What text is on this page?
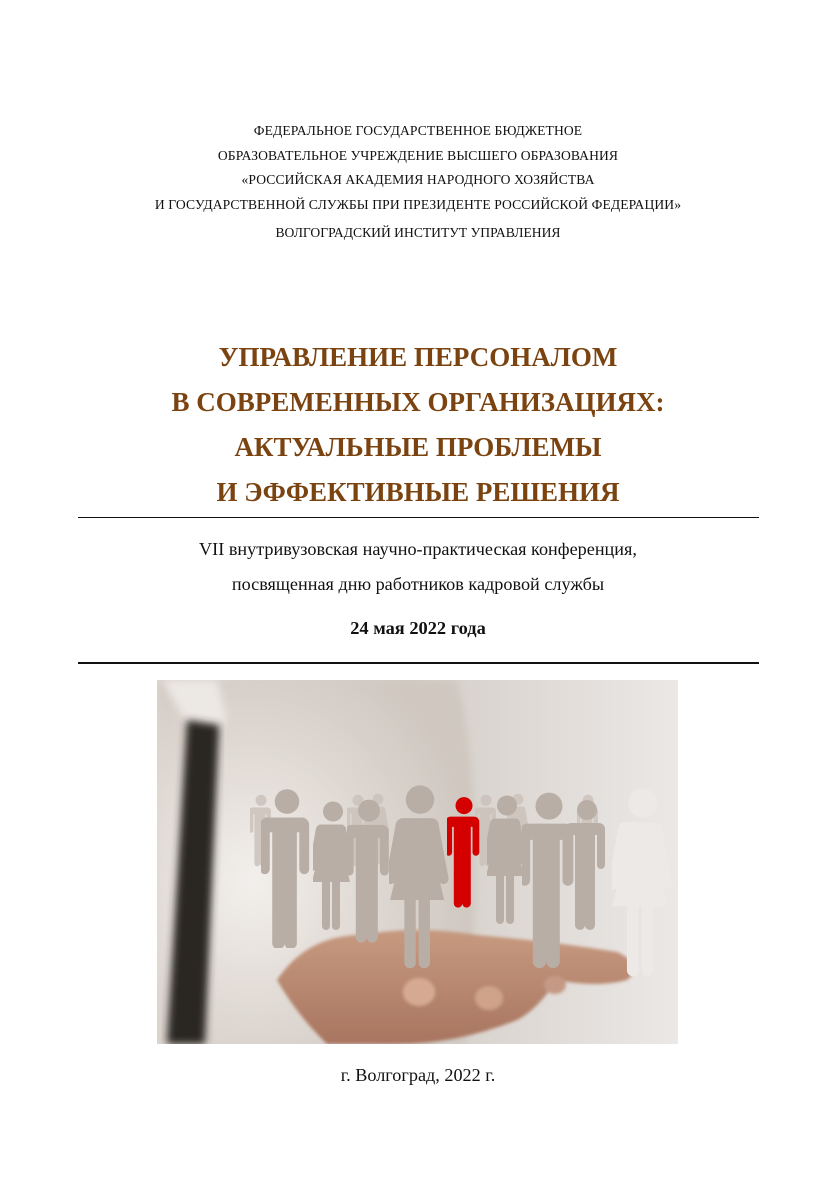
ФЕДЕРАЛЬНОЕ ГОСУДАРСТВЕННОЕ БЮДЖЕТНОЕ
ОБРАЗОВАТЕЛЬНОЕ УЧРЕЖДЕНИЕ ВЫСШЕГО ОБРАЗОВАНИЯ
«РОССИЙСКАЯ АКАДЕМИЯ НАРОДНОГО ХОЗЯЙСТВА
И ГОСУДАРСТВЕННОЙ СЛУЖБЫ ПРИ ПРЕЗИДЕНТЕ РОССИЙСКОЙ ФЕДЕРАЦИИ»
ВОЛГОГРАДСКИЙ ИНСТИТУТ УПРАВЛЕНИЯ
УПРАВЛЕНИЕ ПЕРСОНАЛОМ
В СОВРЕМЕННЫХ ОРГАНИЗАЦИЯХ:
АКТУАЛЬНЫЕ ПРОБЛЕМЫ
И ЭФФЕКТИВНЫЕ РЕШЕНИЯ
VII внутривузовская научно-практическая конференция,
посвященная дню работников кадровой службы
24 мая 2022 года
г. Волгоград, 2022 г.
